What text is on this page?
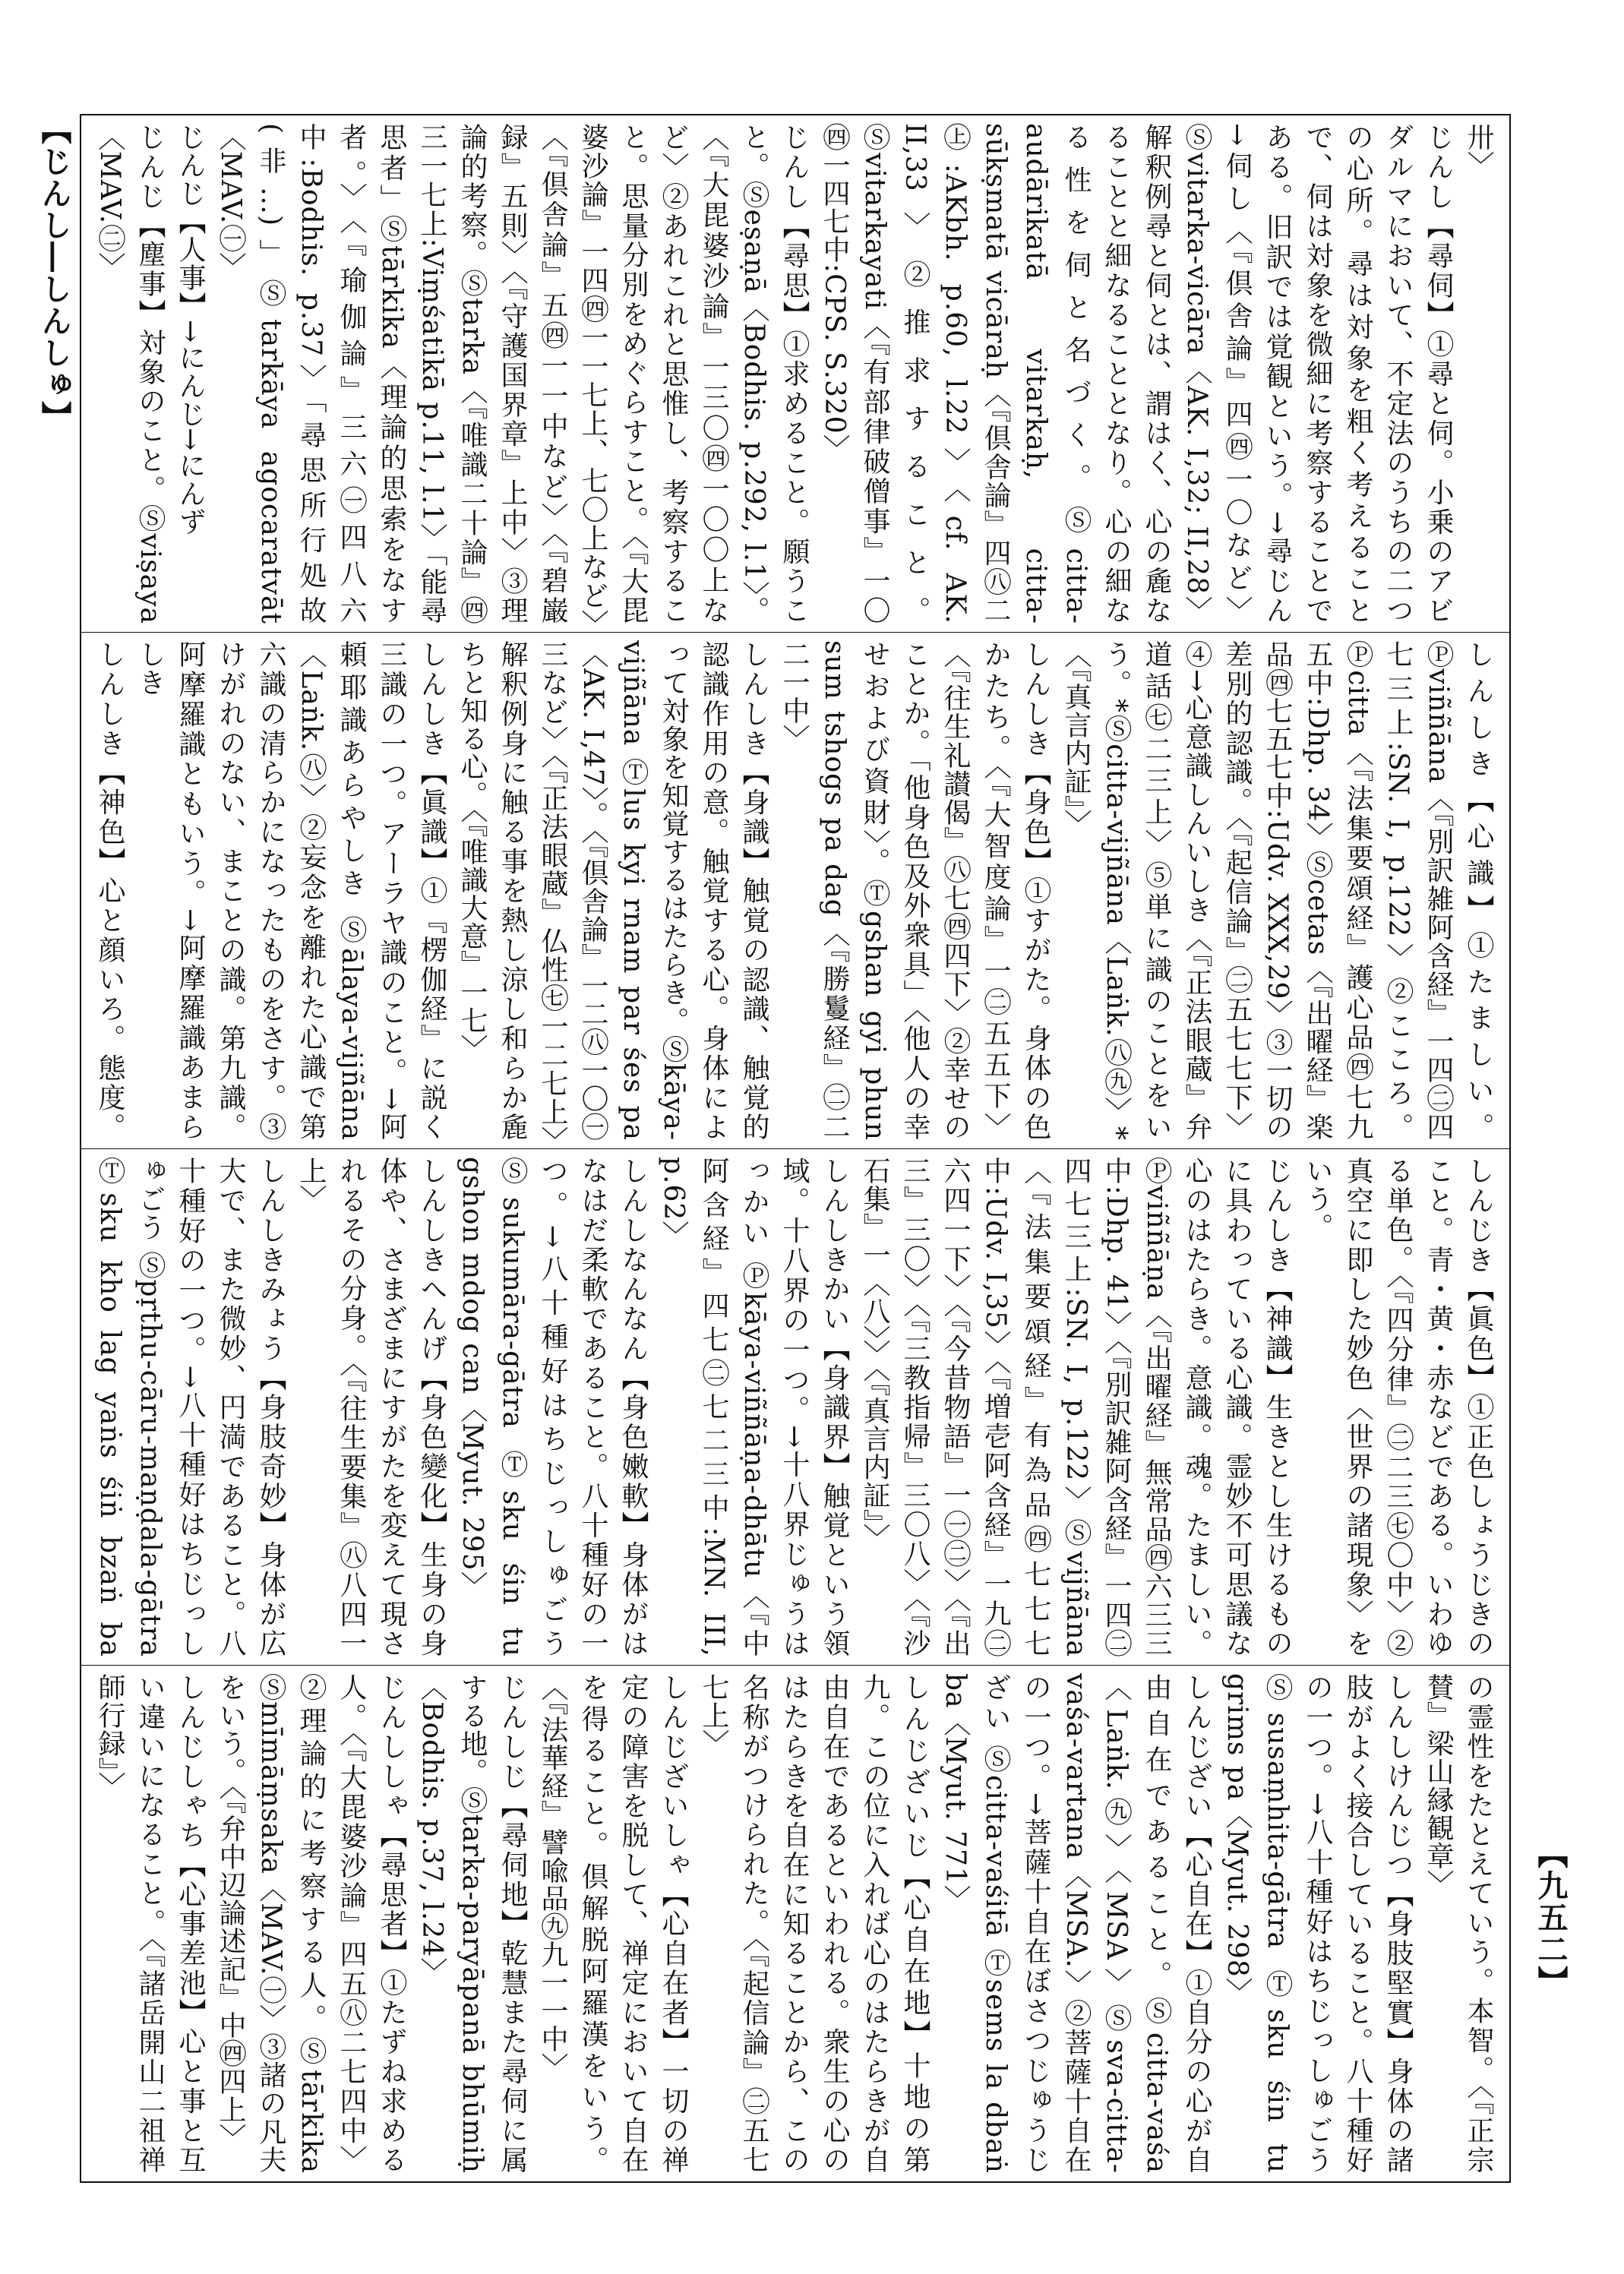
【じんし―しんしゅ】
【九五二】
卅〉じんし【尋伺】①尋と伺。小乗のアビダルマにおいて、不定法のうちの二つの心所。尋は対象を粗く考えることで、伺は対象を微細に考察することである。旧訳では覚観という。→尋じん →伺し〈『倶舎論』四㊃一〇など〉Ⓢvitarka-vicāra〈AK. I,32; II,28〉解釈例尋と伺とは、謂はく、心の麁なることと細なることとなり。心の細なる性を伺と名づく。Ⓢcitta-audārikatā vitarkaḥ, citta-sūkṣmatā vicāraḥ〈『倶舎論』四㊇二㊤:AKbh. p.60, l.22〉〈cf. AK. II,33〉②推求すること。Ⓢvitarkayati〈『有部律破僧事』一〇㊃一四七中:CPS. S.320〉じんし【尋思】①求めること。願うこと。Ⓢeṣaṇā〈Bodhis. p.292, l.1〉。〈『大毘婆沙論』一三〇㊃一〇〇上など〉②あれこれと思惟し、考察すること。思量分別をめぐらすこと。〈『大毘婆沙論』一四㊃一一七上、七〇上など〉〈『倶舎論』五㊃一一中など〉〈『碧巌録』五則〉〈『守護国界章』上中〉③理論的考察。Ⓢtarka〈『唯識二十論』㊃三一七上:Viṃśatikā p.11, l.1〉「能尋思者」Ⓢtārkika〈理論的思索をなす者。〉〈『瑜伽論』三六㊀四八六中:Bodhis. p.37〉「尋思所行処故(非…)」Ⓢtarkāya agocaratvāt〈MAV.㊀〉じんじ【人事】→にんじ→にんずじんじ【塵事】対象のこと。Ⓢviṣaya〈MAV.㊁〉
しんしき【心識】①たましい。Ⓟviññāna〈『別訳雑阿含経』一四㊁四七三上:SN. I, p.122〉②こころ。Ⓟcitta〈『法集要頌経』護心品㊃七九五中:Dhp. 34〉Ⓢcetas〈『出曜経』楽品㊃七五七中:Udv. XXX,29〉③一切の差別的認識。〈『起信論』㊁五七七下〉④→心意識しんいしき〈『正法眼蔵』弁道話㊆二三上〉⑤単に識のことをいう。*Ⓢcitta-vijñāna〈Laṅk.㊇㊈〉*〈『真言内証』〉しんしき【身色】①すがた。身体の色かたち。〈『大智度論』一㊁五五下〉〈『往生礼讃偈』㊇七㊃四下〉②幸せのことか。「他身色及外衆具」〈他人の幸せおよび資財〉。Ⓣgshan gyi phun sum tshogs pa dag〈『勝鬘経』㊁二二一中〉しんしき【身識】触覚の認識、触覚的認識作用の意。触覚する心。身体によって対象を知覚するはたらき。Ⓢkāya-vijñāna Ⓣlus kyi rnam par śes pa〈AK. I,47〉。〈『倶舎論』一二㊇一〇㊀三など〉〈『正法眼蔵』仏性㊆一二七上〉解釈例身に触る事を熱し涼し和らか麁ちと知る心。〈『唯識大意』一七〉しんしき【眞識】①『楞伽経』に説く三識の一つ。アーラヤ識のこと。→阿頼耶識あらやしき Ⓢālaya-vijñāna〈Laṅk.㊇〉②妄念を離れた心識で第六識の清らかになったものをさす。③けがれのない、まことの識。第九識。阿摩羅識ともいう。→阿摩羅識あまらしきしんしき【神色】心と顔いろ。態度。
しんじき【眞色】①正色しょうじきのこと。青・黄・赤などである。いわゆる単色。〈『四分律』㊁二三㊆〇中〉②真空に即した妙色〈世界の諸現象〉をいう。じんしき【神識】生きとし生けるものに具わっている心識。霊妙不可思議な心のはたらき。意識。魂。たましい。Ⓟviññāṇa〈『出曜経』無常品㊃六三三中:Dhp. 41〉〈『別訳雑阿含経』一四㊁四七三上:SN. I, p.122〉Ⓢvijñāna〈『法集要頌経』有為品㊃七七七中:Udv. I,35〉〈『増壱阿含経』一九㊁六四一下〉〈『今昔物語』一㊀㊁〉〈『出三』三〇〉〈『三教指帰』三〇八〉〈『沙石集』一〈八〉〉〈『真言内証』〉しんしきかい【身識界】触覚という領域。十八界の一つ。→十八界じゅうはっかい Ⓟkāya-viññāṇa-dhātu〈『中阿含経』四七㊁七二三中:MN. III, p.62〉しんしなんなん【身色嫩軟】身体がはなはだ柔軟であること。八十種好の一つ。→八十種好はちじっしゅごう Ⓢsukumāra-gātra Ⓣsku śin tu gshon mdog can〈Myut. 295〉しんしきへんげ【身色變化】生身の身体や、さまざまにすがたを変えて現されるその分身。〈『往生要集』㊇八四一上〉しんしきみょう【身肢奇妙】身体が広大で、また微妙、円満であること。八十種好の一つ。→八十種好はちじっしゅごう Ⓢpṛthu-cāru-maṇḍala-gātra Ⓣsku kho lag yaṅs śiṅ bzaṅ ba
の霊性をたとえていう。本智。〈『正宗賛』梁山縁観章〉しんしけんじつ【身肢堅實】身体の諸肢がよく接合していること。八十種好の一つ。→八十種好はちじっしゅごう Ⓢsusaṃhita-gātra Ⓣsku śin tu grims pa〈Myut. 298〉しんじざい【心自在】①自分の心が自由自在であること。Ⓢcitta-vaśa〈Laṅk.㊈〉〈MSA〉Ⓢsva-citta-vaśa-vartana〈MSA.〉②菩薩十自在の一つ。→菩薩十自在ぼさつじゅうじざい Ⓢcitta-vaśitā Ⓣsems la dbaṅ ba〈Myut. 771〉しんじざいじ【心自在地】十地の第九。この位に入れば心のはたらきが自由自在であるといわれる。衆生の心のはたらきを自在に知ることから、この名称がつけられた。〈『起信論』㊁五七七上〉しんじざいしゃ【心自在者】一切の禅定の障害を脱して、禅定において自在を得ること。倶解脱阿羅漢をいう。〈『法華経』譬喩品㊈九一一中〉じんしじ【尋伺地】乾慧また尋伺に属する地。Ⓢtarka-paryāpanā bhūmiḥ〈Bodhis. p.37, l.24〉じんししゃ【尋思者】①たずね求める人。〈『大毘婆沙論』四五㊇二七四中〉②理論的に考察する人。Ⓢtārkika Ⓢmīmāṃsaka〈MAV.㊀〉③諸の凡夫をいう。〈『弁中辺論述記』中㊃四上〉しんじしゃち【心事差池】心と事と互い違いになること。〈『諸岳開山二祖禅師行録』〉
